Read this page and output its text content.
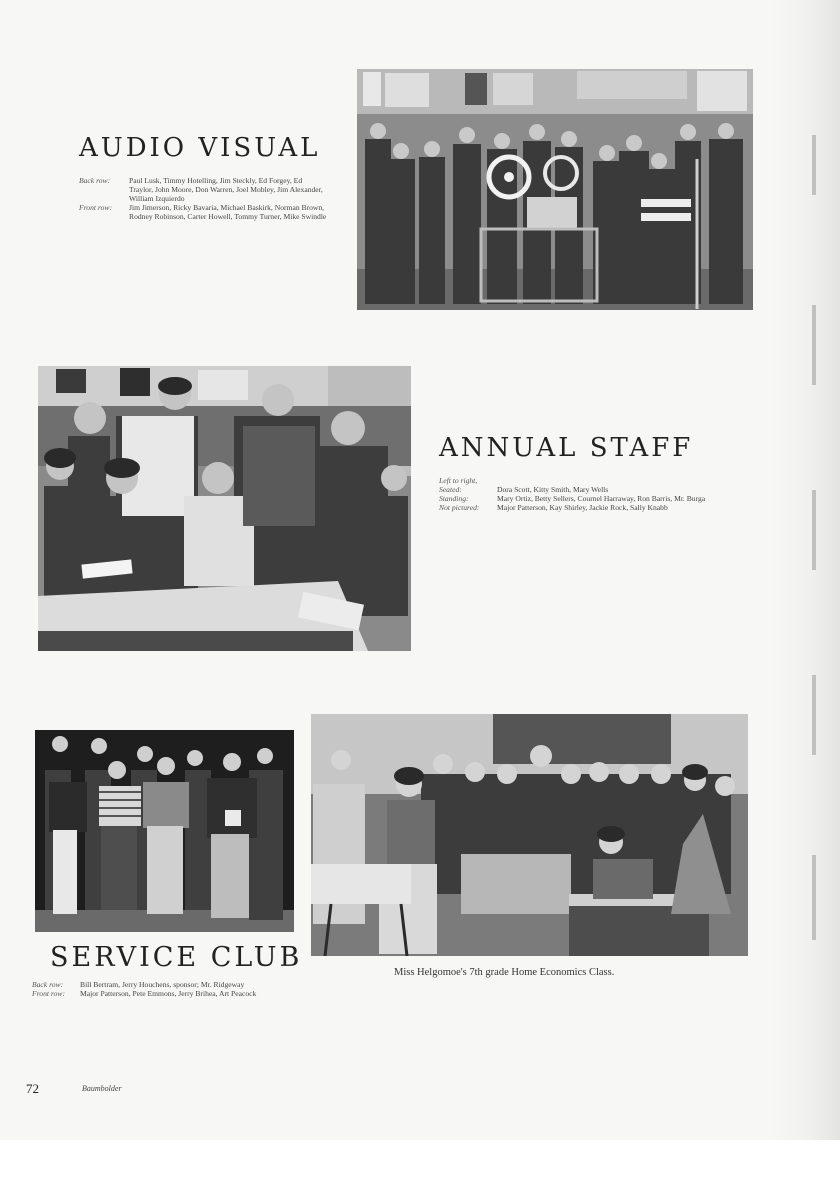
AUDIO VISUAL
Back row:	Paul Lusk, Timmy Hotelling, Jim Steckly, Ed Forgey, Ed Traylor, John Moore, Don Warren, Joel Mobley, Jim Alexander, William Izquierdo
Front row:	Jim Jimerson, Ricky Bavaria, Michael Baskirk, Norman Brown, Rodney Robinson, Carter Howell, Tommy Turner, Mike Swindle
ANNUAL STAFF
Left to right,
Seated:	Dora Scott, Kitty Smith, Mary Wells
Standing:	Mary Ortiz, Betty Sellers, Cournel Harraway, Ron Barris, Mr. Burga
Not pictured:	Major Patterson, Kay Shirley, Jackie Rock, Sally Knabb
SERVICE CLUB
Back row:	Bill Bertram, Jerry Houchens, sponsor; Mr. Ridgeway
Front row:	Major Patterson, Pete Emmons, Jerry Brihea, Art Peacock
Miss Helgomoe's 7th grade Home Economics Class.
72	Baumbolder
